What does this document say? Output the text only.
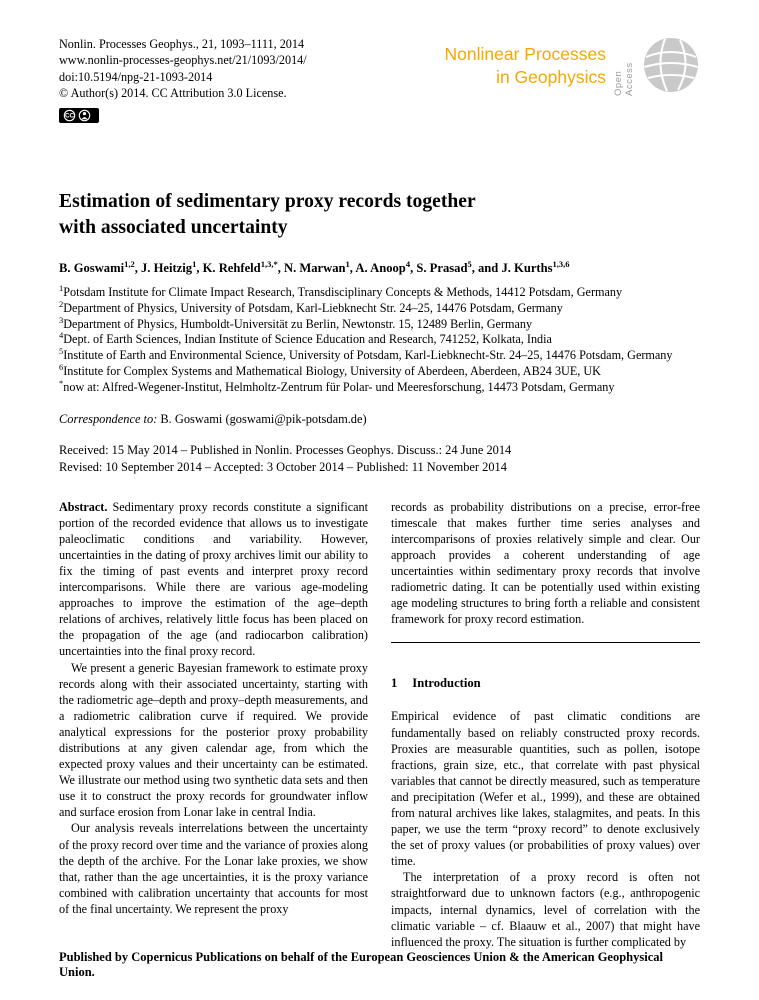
Nonlin. Processes Geophys., 21, 1093–1111, 2014
www.nonlin-processes-geophys.net/21/1093/2014/
doi:10.5194/npg-21-1093-2014
© Author(s) 2014. CC Attribution 3.0 License.
CC
Nonlinear Processes
in Geophysics Open Access
Estimation of sedimentary proxy records together
with associated uncertainty
B. Goswami$^{1,2}$, J. Heitzig$^1$, K. Rehfeld$^{1,3,*}$, N. Marwan$^1$, A. Anoop$^4$, S. Prasad$^5$, and J. Kurths$^{1,3,6}$
$^1$Potsdam Institute for Climate Impact Research, Transdisciplinary Concepts & Methods, 14412 Potsdam, Germany
$^2$Department of Physics, University of Potsdam, Karl-Liebknecht Str. 24–25, 14476 Potsdam, Germany
$^3$Department of Physics, Humboldt-Universität zu Berlin, Newtonstr. 15, 12489 Berlin, Germany
$^4$Dept. of Earth Sciences, Indian Institute of Science Education and Research, 741252, Kolkata, India
$^5$Institute of Earth and Environmental Science, University of Potsdam, Karl-Liebknecht-Str. 24–25, 14476 Potsdam, Germany
$^6$Institute for Complex Systems and Mathematical Biology, University of Aberdeen, Aberdeen, AB24 3UE, UK
*now at: Alfred-Wegener-Institut, Helmholtz-Zentrum für Polar- und Meeresforschung, 14473 Potsdam, Germany

Correspondence to: B. Goswami (goswami@pik-potsdam.de)

Received: 15 May 2014 – Published in Nonlin. Processes Geophys. Discuss.: 24 June 2014
Revised: 10 September 2014 – Accepted: 3 October 2014 – Published: 11 November 2014

Abstract. Sedimentary proxy records constitute a significant portion of the recorded evidence that allows us to investigate paleoclimatic conditions and variability. However, uncertainties in the dating of proxy archives limit our ability to fix the timing of past events and interpret proxy record intercomparisons. While there are various age-modeling approaches to improve the estimation of the age–depth relations of archives, relatively little focus has been placed on the propagation of the age (and radiocarbon calibration) uncertainties into the final proxy record.

We present a generic Bayesian framework to estimate proxy records along with their associated uncertainty, starting with the radiometric age–depth and proxy–depth measurements, and a radiometric calibration curve if required. We provide analytical expressions for the posterior proxy probability distributions at any given calendar age, from which the expected proxy values and their uncertainty can be estimated. We illustrate our method using two synthetic data sets and then use it to construct the proxy records for groundwater inflow and surface erosion from Lonar lake in central India.

Our analysis reveals interrelations between the uncertainty of the proxy record over time and the variance of proxies along the depth of the archive. For the Lonar lake proxies, we show that, rather than the age uncertainties, it is the proxy variance combined with calibration uncertainty that accounts for most of the final uncertainty. We represent the proxy

records as probability distributions on a precise, error-free timescale that makes further time series analyses and intercomparisons of proxies relatively simple and clear. Our approach provides a coherent understanding of age uncertainties within sedimentary proxy records that involve radiometric dating. It can be potentially used within existing age modeling structures to bring forth a reliable and consistent framework for proxy record estimation.

1 Introduction

Empirical evidence of past climatic conditions are fundamentally based on reliably constructed proxy records. Proxies are measurable quantities, such as pollen, isotope fractions, grain size, etc., that correlate with past physical variables that cannot be directly measured, such as temperature and precipitation (Wefer et al., 1999), and these are obtained from natural archives like lakes, stalagmites, and peats. In this paper, we use the term “proxy record” to denote exclusively the set of proxy values (or probabilities of proxy values) over time.

The interpretation of a proxy record is often not straightforward due to unknown factors (e.g., anthropogenic impacts, internal dynamics, level of correlation with the climatic variable – cf. Blaauw et al., 2007) that might have influenced the proxy. The situation is further complicated by

Published by Copernicus Publications on behalf of the European Geosciences Union & the American Geophysical Union.
